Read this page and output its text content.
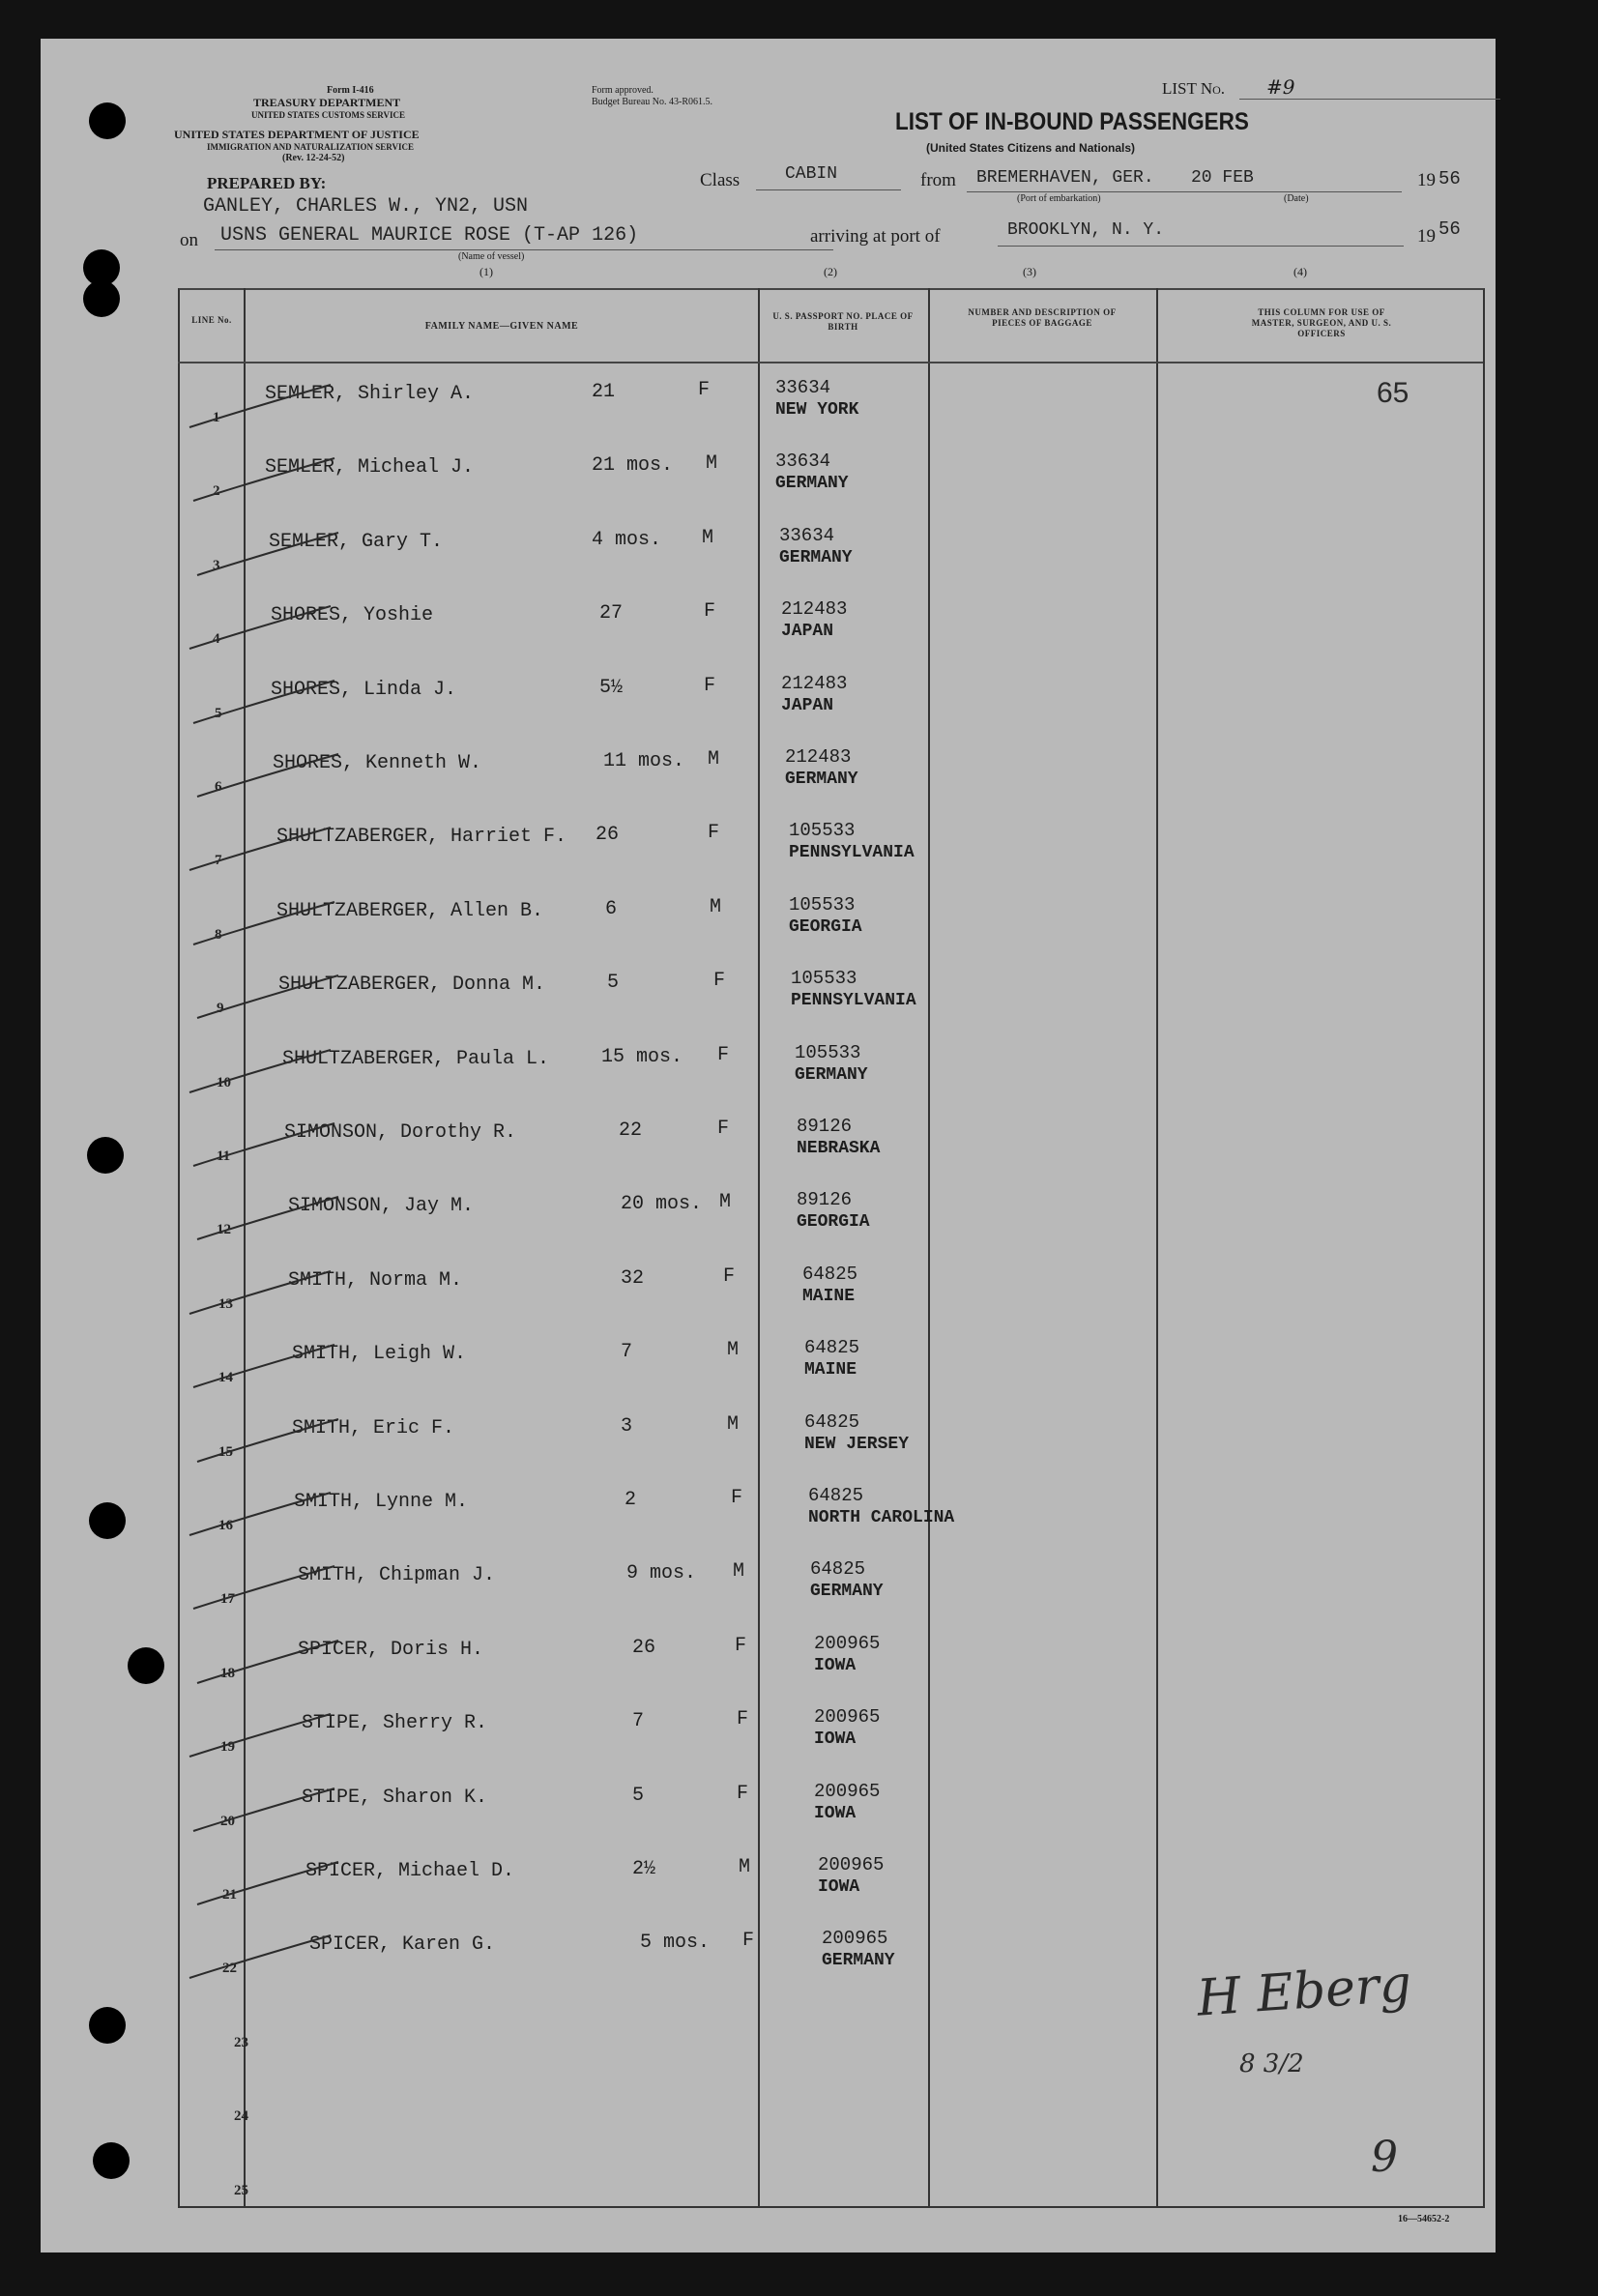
Form I-416
TREASURY DEPARTMENT
UNITED STATES CUSTOMS SERVICE
UNITED STATES DEPARTMENT OF JUSTICE
IMMIGRATION AND NATURALIZATION SERVICE
(Rev. 12-24-52)
Form approved.
Budget Bureau No. 43-R061.5.
LIST No. #9
LIST OF IN-BOUND PASSENGERS
(United States Citizens and Nationals)
PREPARED BY:
GANLEY, CHARLES W., YN2, USN
Class	CABIN	from BREMERHAVEN, GER. 20 FEB	19 56
(Port of embarkation)	(Date)
on USNS GENERAL MAURICE ROSE (T-AP 126)
(Name of vessel)
arriving at port of	BROOKLYN, N. Y.	19 56
(1)	(2)	(3)	(4)
LINE No.
FAMILY NAME—GIVEN NAME
U. S. PASSPORT NO. PLACE OF BIRTH
NUMBER AND DESCRIPTION OF PIECES OF BAGGAGE
THIS COLUMN FOR USE OF MASTER, SURGEON, AND U. S. OFFICERS
1
SEMLER, Shirley A.	21	F	33634
NEW YORK
2
SEMLER, Micheal J.	21 mos. M	33634
GERMANY
3
SEMLER, Gary T.	4 mos. M	33634
GERMANY
4
SHORES, Yoshie	27	F	212483
JAPAN
5
SHORES, Linda J.	5½	F	212483
JAPAN
6
SHORES, Kenneth W.	11 mos. M	212483
GERMANY
7
SHULTZABERGER, Harriet F. 26	F	105533
PENNSYLVANIA
8
SHULTZABERGER, Allen B.	6	M	105533
GEORGIA
9
SHULTZABERGER, Donna M.	5	F	105533
PENNSYLVANIA
10
SHULTZABERGER, Paula L.	15 mos. F	105533
GERMANY
11
SIMONSON, Dorothy R.	22	F	89126
NEBRASKA
12
SIMONSON, Jay M.	20 mos. M	89126
GEORGIA
13
SMITH, Norma M.	32	F	64825
MAINE
14
SMITH, Leigh W.	7	M	64825
MAINE
15
SMITH, Eric F.	3	M	64825
NEW JERSEY
16
SMITH, Lynne M.	2	F	64825
NORTH CAROLINA
17
SMITH, Chipman J.	9 mos. M	64825
GERMANY
18
SPICER, Doris H.	26	F	200965
IOWA
19
STIPE, Sherry R.	7	F	200965
IOWA
20
STIPE, Sharon K.	5	F	200965
IOWA
21
SPICER, Michael D.	2½	M	200965
IOWA
22
SPICER, Karen G.	5 mos. F	200965
GERMANY
23
24
25
65
H Eberg
8 3/2
9
16—54652-2
